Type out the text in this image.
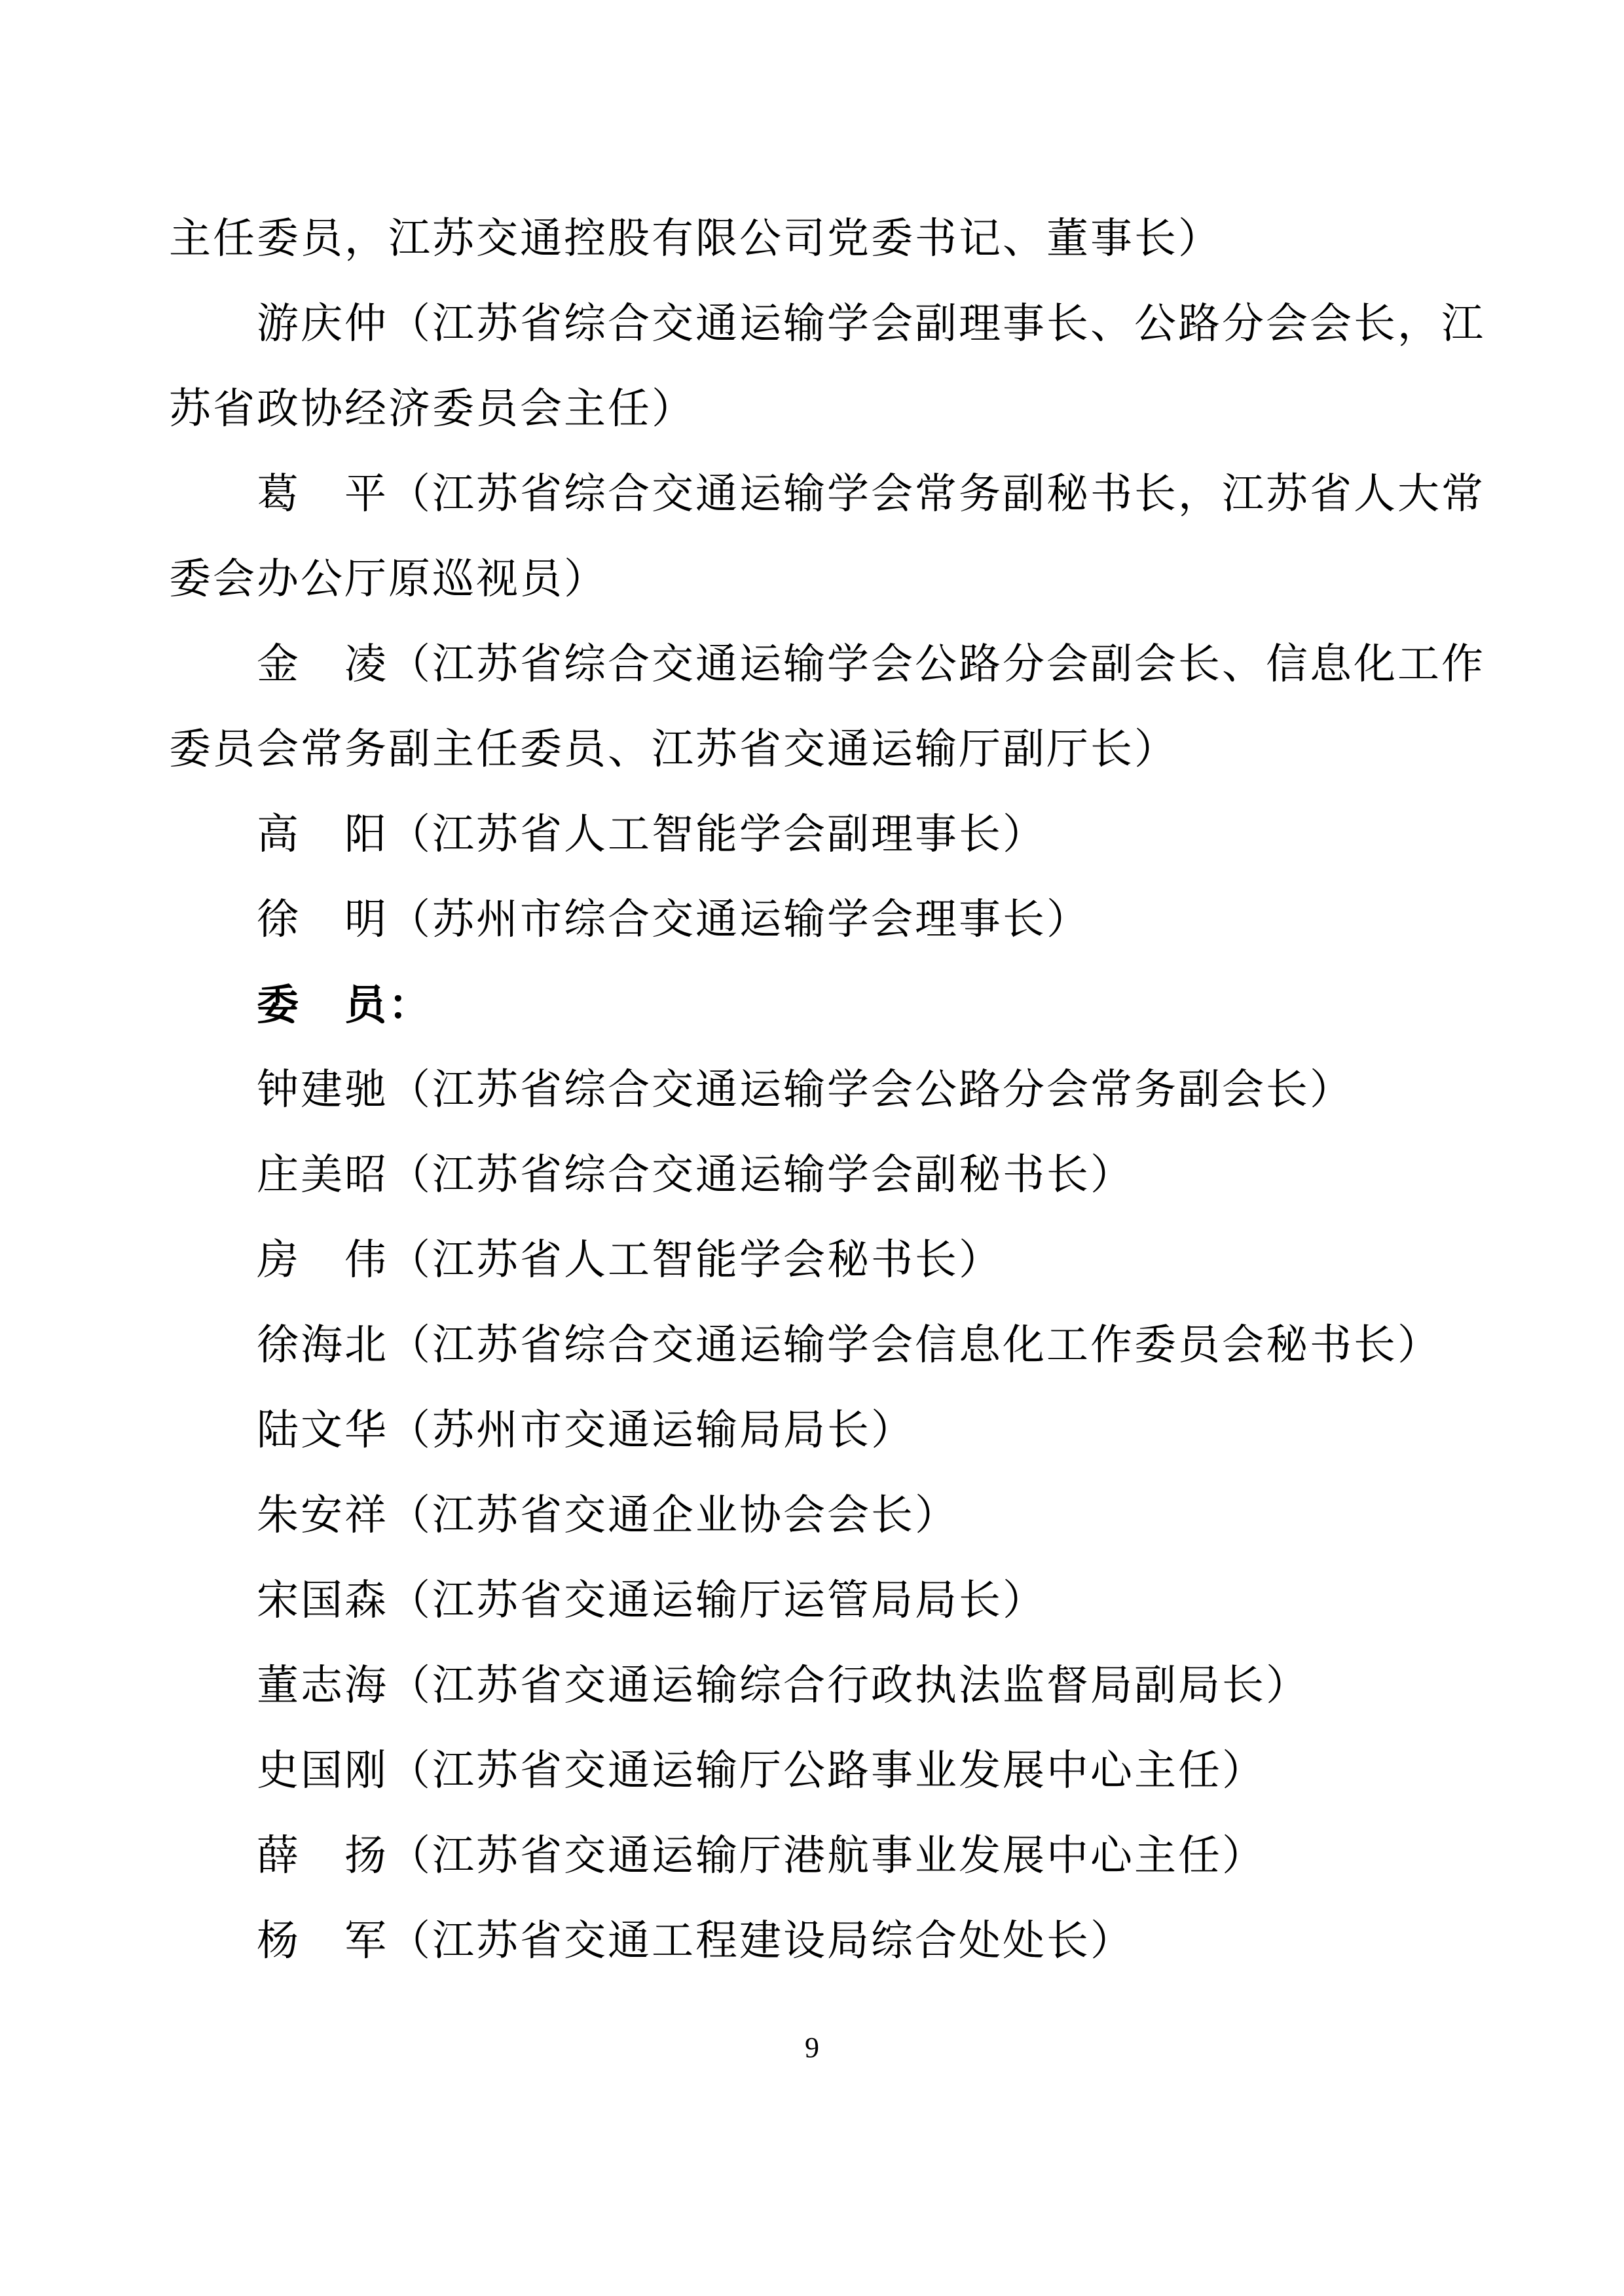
主任委员，江苏交通控股有限公司党委书记、董事长）
游庆仲（江苏省综合交通运输学会副理事长、公路分会会长，江
苏省政协经济委员会主任）
葛　平（江苏省综合交通运输学会常务副秘书长，江苏省人大常
委会办公厅原巡视员）
金　凌（江苏省综合交通运输学会公路分会副会长、信息化工作
委员会常务副主任委员、江苏省交通运输厅副厅长）
高　阳（江苏省人工智能学会副理事长）
徐　明（苏州市综合交通运输学会理事长）
委　员：
钟建驰（江苏省综合交通运输学会公路分会常务副会长）
庄美昭（江苏省综合交通运输学会副秘书长）
房　伟（江苏省人工智能学会秘书长）
徐海北（江苏省综合交通运输学会信息化工作委员会秘书长）
陆文华（苏州市交通运输局局长）
朱安祥（江苏省交通企业协会会长）
宋国森（江苏省交通运输厅运管局局长）
董志海（江苏省交通运输综合行政执法监督局副局长）
史国刚（江苏省交通运输厅公路事业发展中心主任）
薛　扬（江苏省交通运输厅港航事业发展中心主任）
杨　军（江苏省交通工程建设局综合处处长）
9
